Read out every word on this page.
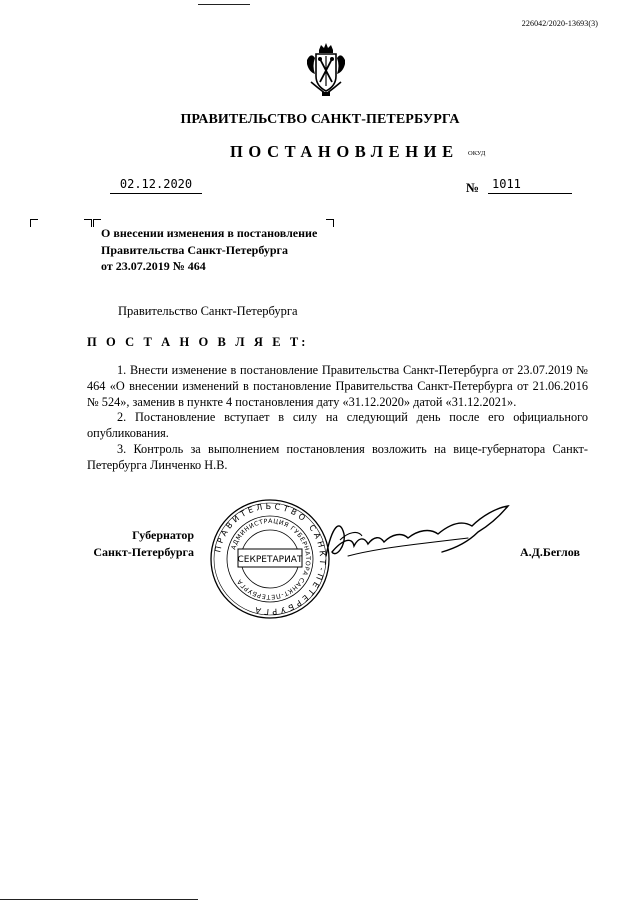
226042/2020-13693(3)
ПРАВИТЕЛЬСТВО САНКТ-ПЕТЕРБУРГА
ПОСТАНОВЛЕНИЕ ОКУД
02.12.2020	№	1011
О внесении изменения в постановление
Правительства Санкт-Петербурга
от 23.07.2019 № 464
Правительство Санкт-Петербурга
П О С Т А Н О В Л Я Е Т:

1. Внести изменение в постановление Правительства Санкт-Петербурга от 23.07.2019 № 464 «О внесении изменений в постановление Правительства Санкт-Петербурга от 21.06.2016 № 524», заменив в пункте 4 постановления дату «31.12.2020» датой «31.12.2021».

2. Постановление вступает в силу на следующий день после его официального опубликования.

3. Контроль за выполнением постановления возложить на вице-губернатора Санкт-Петербурга Линченко Н.В.

Губернатор
Санкт-Петербурга ПРАВИТЕЛЬСТВО САНКТ-ПЕТЕРБУРГА
АДМИНИСТРАЦИЯ ГУБЕРНАТОРА САНКТ-ПЕТЕРБУРГА
СЕКРЕТАРИАТ
А.Д.Беглов
